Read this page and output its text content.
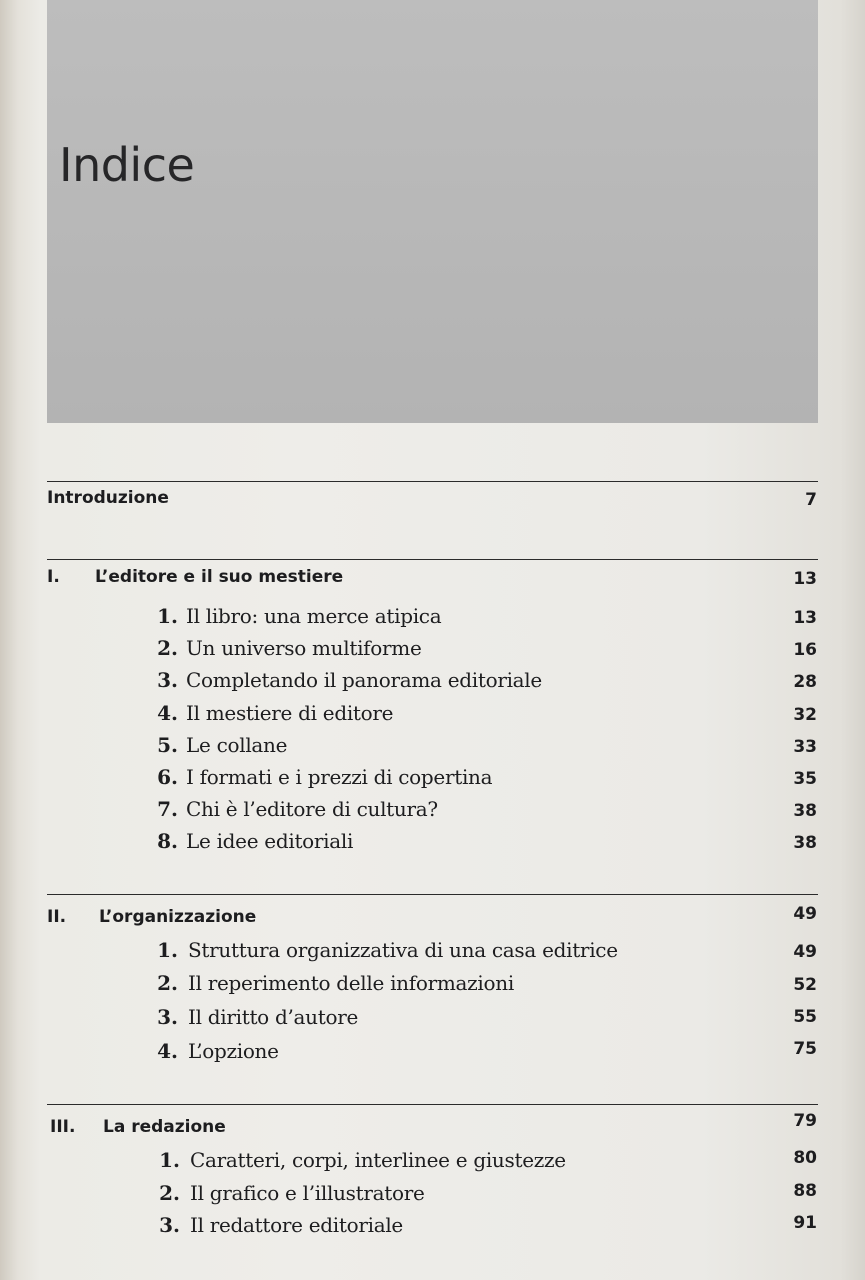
Indice
Introduzione	7
I. L’editore e il suo mestiere	13
1. Il libro: una merce atipica	13
2. Un universo multiforme	16
3. Completando il panorama editoriale	28
4. Il mestiere di editore	32
5. Le collane	33
6. I formati e i prezzi di copertina	35
7. Chi è l’editore di cultura?	38
8. Le idee editoriali	38
II. L’organizzazione	49
1. Struttura organizzativa di una casa editrice	49
2. Il reperimento delle informazioni	52
3. Il diritto d’autore	55
4. L’opzione	75
III. La redazione	79
1. Caratteri, corpi, interlinee e giustezze	80
2. Il grafico e l’illustratore	88
3. Il redattore editoriale	91
